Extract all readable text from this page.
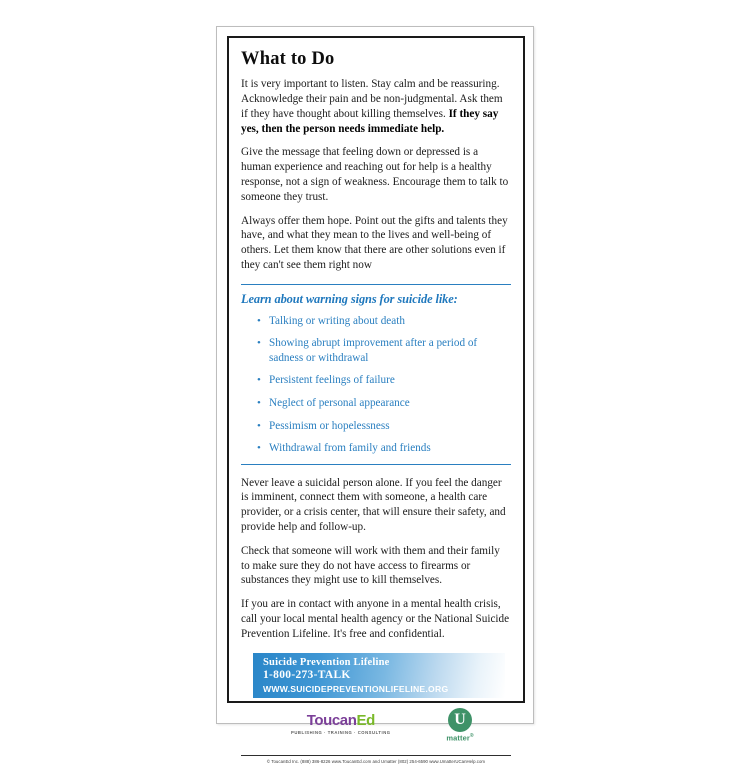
What to Do

It is very important to listen. Stay calm and be reassuring. Acknowledge their pain and be non-judgmental. Ask them if they have thought about killing themselves. If they say yes, then the person needs immediate help.

Give the message that feeling down or depressed is a human experience and reaching out for help is a healthy response, not a sign of weakness. Encourage them to talk to someone they trust.

Always offer them hope. Point out the gifts and talents they have, and what they mean to the lives and well-being of others. Let them know that there are other solutions even if they can't see them right now

Learn about warning signs for suicide like:
• Talking or writing about death
• Showing abrupt improvement after a period of sadness or withdrawal
• Persistent feelings of failure
• Neglect of personal appearance
• Pessimism or hopelessness
• Withdrawal from family and friends

Never leave a suicidal person alone. If you feel the danger is imminent, connect them with someone, a health care provider, or a crisis center, that will ensure their safety, and provide help and follow-up.

Check that someone will work with them and their family to make sure they do not have access to firearms or substances they might use to kill themselves.

If you are in contact with anyone in a mental health crisis, call your local mental health agency or the National Suicide Prevention Lifeline. It's free and confidential.

Suicide Prevention Lifeline
1-800-273-TALK
WWW.SUICIDEPREVENTIONLIFELINE.ORG
ToucanEd
PUBLISHING · TRAINING · CONSULTING
U
matter®
© ToucanEd Inc. (888) 386-8226 www.ToucanEd.com and Umatter (802) 254-6590 www.UmatterUCanHelp.com
